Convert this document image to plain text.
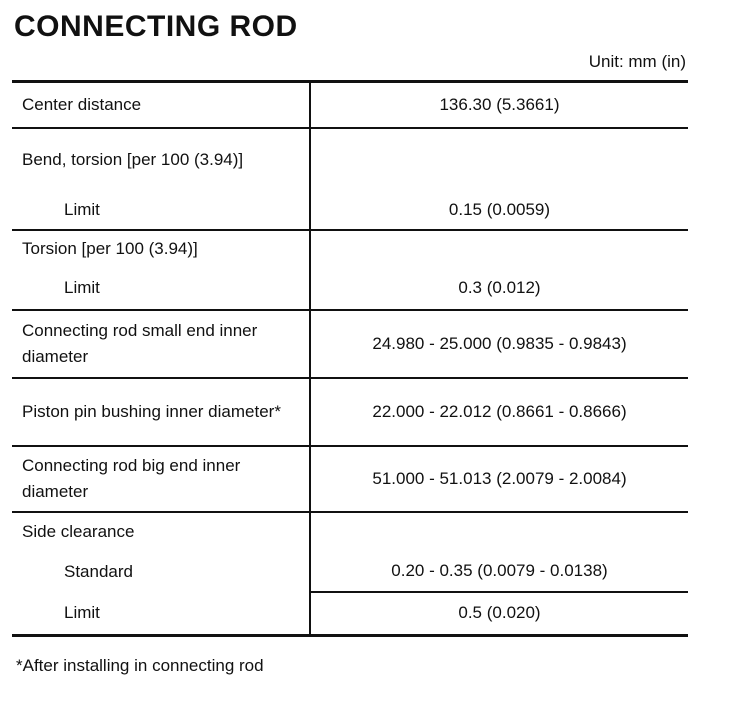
CONNECTING ROD
Unit: mm (in)
Center distance	136.30 (5.3661)
Bend, torsion [per 100 (3.94)]	
Limit	0.15 (0.0059)
Torsion [per 100 (3.94)]	
Limit	0.3 (0.012)
Connecting rod small end inner diameter	24.980 - 25.000 (0.9835 - 0.9843)
Piston pin bushing inner diameter*	22.000 - 22.012 (0.8661 - 0.8666)
Connecting rod big end inner diameter	51.000 - 51.013 (2.0079 - 2.0084)
Side clearance	
Standard	0.20 - 0.35 (0.0079 - 0.0138)
Limit	0.5 (0.020)
*After installing in connecting rod
